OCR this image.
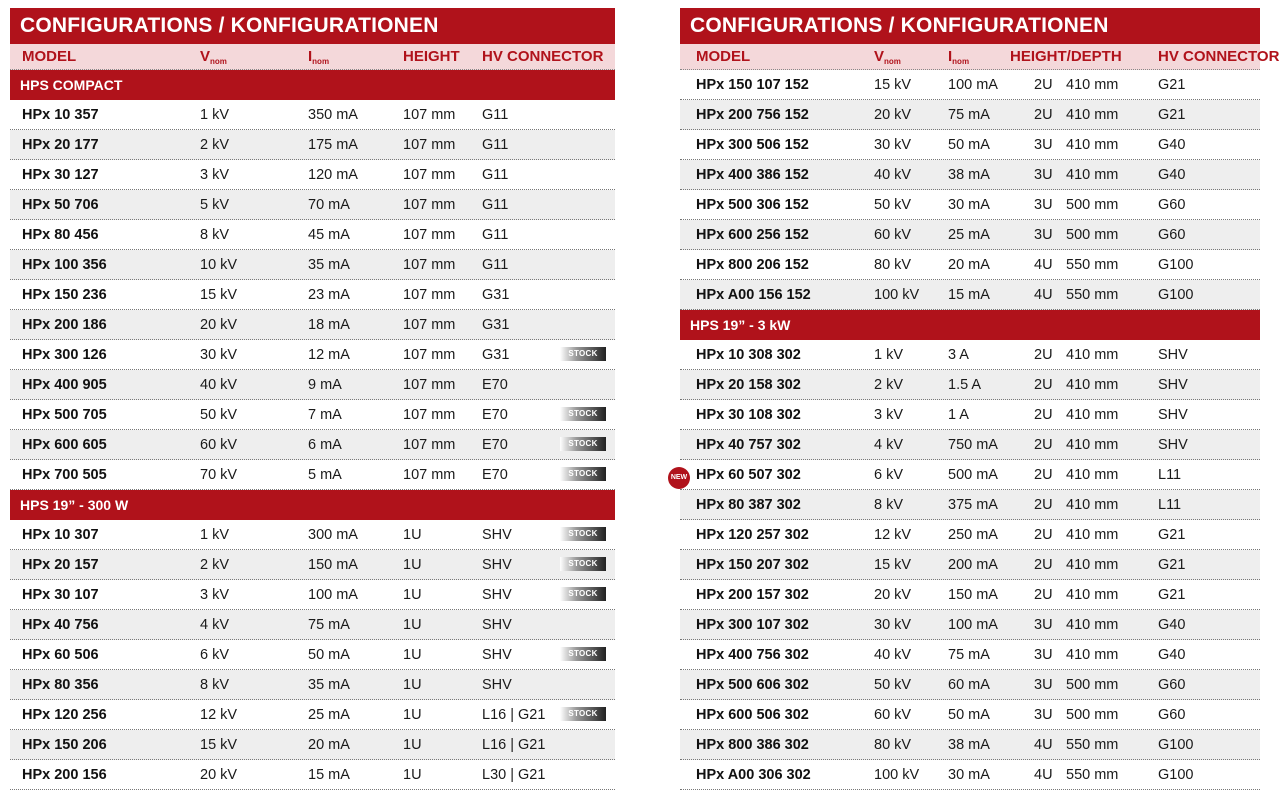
CONFIGURATIONS / KONFIGURATIONEN
MODEL	$V_{nom}$	$I_{nom}$	HEIGHT HV CONNECTOR
HPS COMPACT
HPx 10 357	1 kV	350 mA	107 mm G11
HPx 20 177	2 kV	175 mA	107 mm G11
HPx 30 127	3 kV	120 mA	107 mm G11
HPx 50 706	5 kV	70 mA	107 mm G11
HPx 80 456	8 kV	45 mA	107 mm G11
HPx 100 356	10 kV	35 mA	107 mm G11
HPx 150 236	15 kV	23 mA	107 mm G31
HPx 200 186	20 kV	18 mA	107 mm G31
HPx 300 126	30 kV	12 mA	107 mm G31	STOCK
HPx 400 905	40 kV	9 mA	107 mm E70
HPx 500 705	50 kV	7 mA	107 mm E70	STOCK
HPx 600 605	60 kV	6 mA	107 mm E70	STOCK
HPx 700 505	70 kV	5 mA	107 mm E70	STOCK
HPS 19” - 300 W
HPx 10 307	1 kV	300 mA	1U	SHV	STOCK
HPx 20 157	2 kV	150 mA	1U	SHV	STOCK
HPx 30 107	3 kV	100 mA	1U	SHV	STOCK
HPx 40 756	4 kV	75 mA	1U	SHV
HPx 60 506	6 kV	50 mA	1U	SHV	STOCK
HPx 80 356	8 kV	35 mA	1U	SHV
HPx 120 256	12 kV	25 mA	1U	L16 | G21	STOCK
HPx 150 206	15 kV	20 mA	1U	L16 | G21
HPx 200 156	20 kV	15 mA	1U	L30 | G21
CONFIGURATIONS / KONFIGURATIONEN
MODEL	$V_{nom}$	$I_{nom}$	HEIGHT/DEPTH HV CONNECTOR
HPx 150 107 152	15 kV	100 mA 2U 410 mm	G21
HPx 200 756 152	20 kV	75 mA	2U 410 mm	G21
HPx 300 506 152	30 kV	50 mA	3U 410 mm	G40
HPx 400 386 152	40 kV	38 mA	3U 410 mm	G40
HPx 500 306 152	50 kV	30 mA	3U 500 mm	G60
HPx 600 256 152	60 kV	25 mA	3U 500 mm	G60
HPx 800 206 152	80 kV	20 mA	4U 550 mm	G100
HPx A00 156 152	100 kV 15 mA	4U 550 mm	G100
HPS 19” - 3 kW
HPx 10 308 302	1 kV	3 A	2U 410 mm	SHV
HPx 20 158 302	2 kV	1.5 A	2U 410 mm	SHV
HPx 30 108 302	3 kV	1 A	2U 410 mm	SHV
HPx 40 757 302	4 kV	750 mA 2U 410 mm	SHV
HPx 60 507 302	6 kV	500 mA 2U 410 mm	L11
NEW
HPx 80 387 302	8 kV	375 mA 2U 410 mm	L11
HPx 120 257 302	12 kV	250 mA 2U 410 mm	G21
HPx 150 207 302	15 kV	200 mA 2U 410 mm	G21
HPx 200 157 302	20 kV	150 mA 2U 410 mm	G21
HPx 300 107 302	30 kV	100 mA 3U 410 mm	G40
HPx 400 756 302	40 kV	75 mA	3U 410 mm	G40
HPx 500 606 302	50 kV	60 mA	3U 500 mm	G60
HPx 600 506 302	60 kV	50 mA	3U 500 mm	G60
HPx 800 386 302	80 kV	38 mA	4U 550 mm	G100
HPx A00 306 302	100 kV 30 mA	4U 550 mm	G100
